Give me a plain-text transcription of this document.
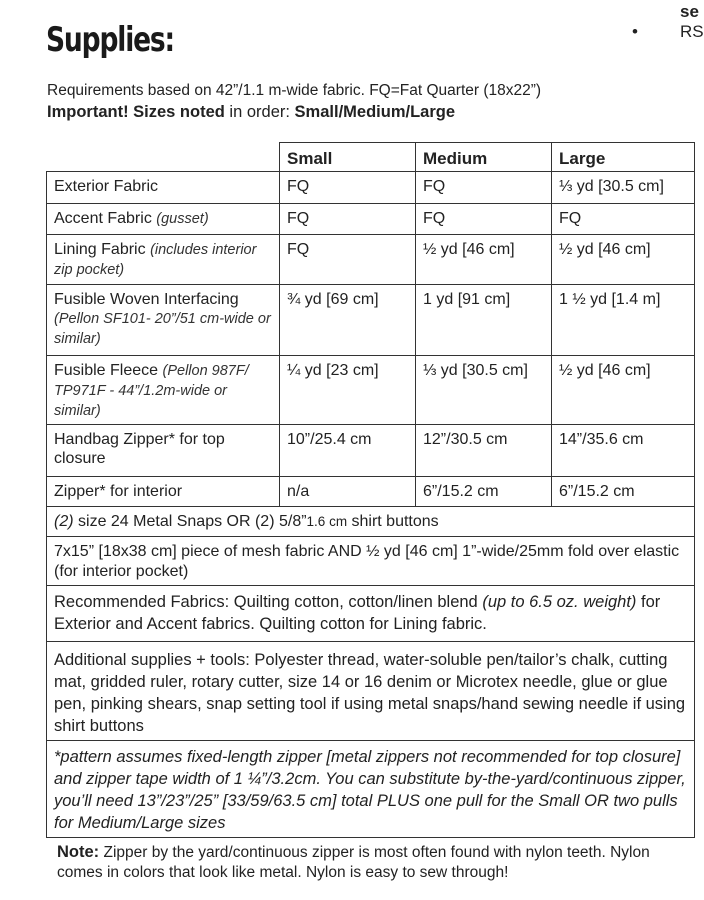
se
• RS
Supplies:
Requirements based on 42”/1.1 m-wide fabric. FQ=Fat Quarter (18x22”)
Important! Sizes noted in order: Small/Medium/Large
	Small	Medium	Large
Exterior Fabric	FQ	FQ	⅓ yd [30.5 cm]
Accent Fabric (gusset)	FQ	FQ	FQ
Lining Fabric (includes interior zip pocket)	FQ	½ yd [46 cm]	½ yd [46 cm]
Fusible Woven Interfacing (Pellon SF101- 20”/51 cm-wide or similar)	¾ yd [69 cm]	1 yd [91 cm]	1 ½ yd [1.4 m]
Fusible Fleece (Pellon 987F/ TP971F - 44”/1.2m-wide or similar)	¼ yd [23 cm]	⅓ yd [30.5 cm]	½ yd [46 cm]
Handbag Zipper* for top closure	10”/25.4 cm	12”/30.5 cm	14”/35.6 cm
Zipper* for interior	n/a	6”/15.2 cm	6”/15.2 cm
(2) size 24 Metal Snaps OR (2) 5/8”1.6 cm shirt buttons			
7x15” [18x38 cm] piece of mesh fabric AND ½ yd [46 cm] 1”-wide/25mm fold over elastic (for interior pocket)			
Recommended Fabrics: Quilting cotton, cotton/linen blend (up to 6.5 oz. weight) for Exterior and Accent fabrics. Quilting cotton for Lining fabric.			
Additional supplies + tools: Polyester thread, water-soluble pen/tailor’s chalk, cutting mat, gridded ruler, rotary cutter, size 14 or 16 denim or Microtex needle, glue or glue pen, pinking shears, snap setting tool if using metal snaps/hand sewing needle if using shirt buttons			
*pattern assumes fixed-length zipper [metal zippers not recommended for top closure] and zipper tape width of 1 ¼”/3.2cm. You can substitute by-the-yard/continuous zipper, you’ll need 13”/23”/25” [33/59/63.5 cm] total PLUS one pull for the Small OR two pulls for Medium/Large sizes			
Note: Zipper by the yard/continuous zipper is most often found with nylon teeth. Nylon comes in colors that look like metal. Nylon is easy to sew through!
